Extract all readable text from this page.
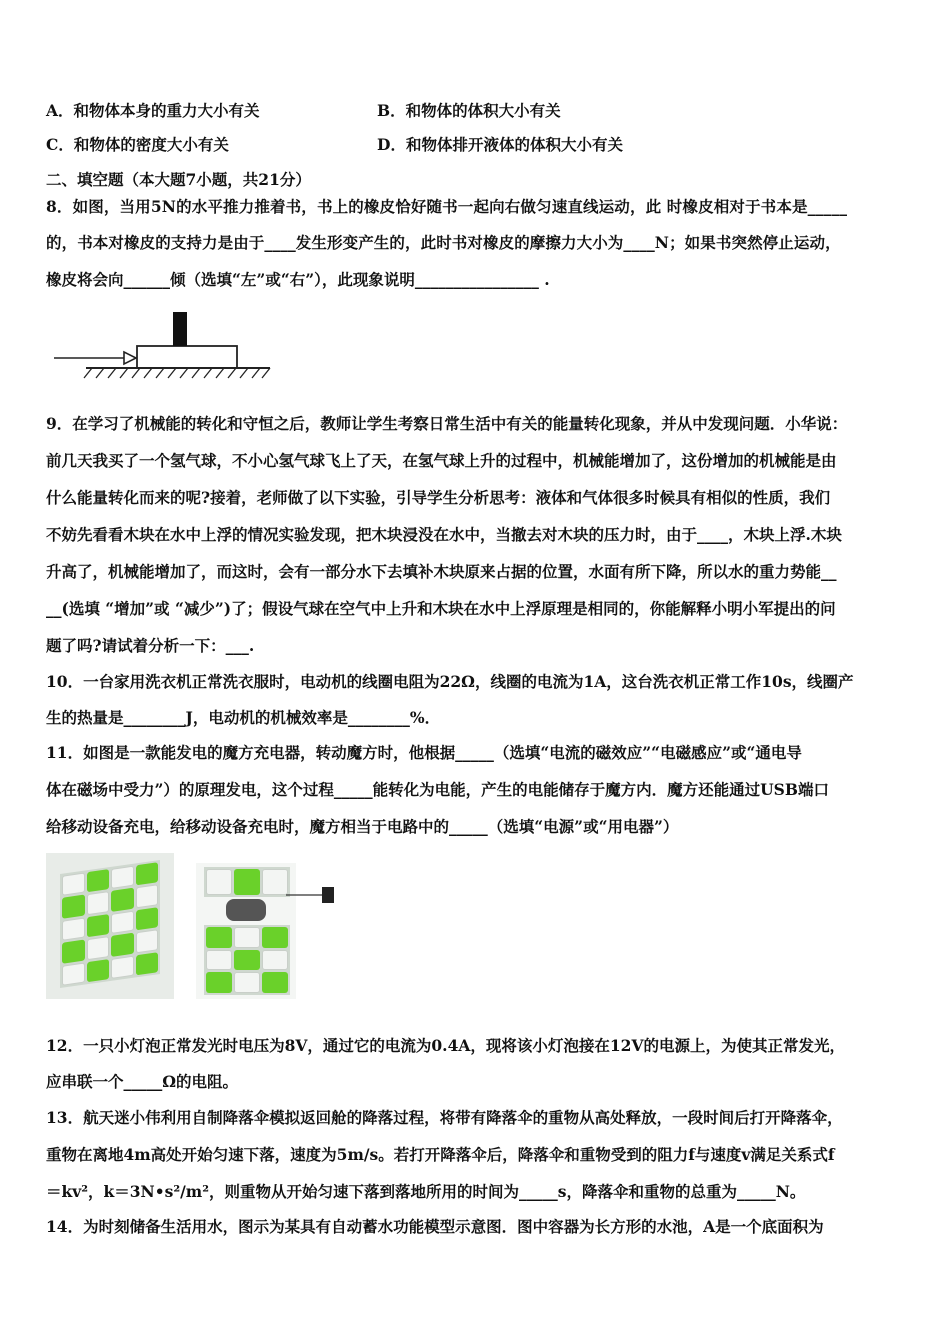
A．和物体本身的重力大小有关	B．和物体的体积大小有关
C．和物体的密度大小有关	D．和物体排开液体的体积大小有关
二、填空题（本大题7小题，共21分）
8．如图，当用5N的水平推力推着书，书上的橡皮恰好随书一起向右做匀速直线运动，此 时橡皮相对于书本是_____
的，书本对橡皮的支持力是由于____发生形变产生的，此时书对橡皮的摩擦力大小为____N；如果书突然停止运动，
橡皮将会向______倾（选填“左”或“右”），此现象说明________________ .
9．在学习了机械能的转化和守恒之后，教师让学生考察日常生活中有关的能量转化现象，并从中发现问题．小华说：
前几天我买了一个氢气球，不小心氢气球飞上了天，在氢气球上升的过程中，机械能增加了，这份增加的机械能是由
什么能量转化而来的呢?接着，老师做了以下实验，引导学生分析思考：液体和气体很多时候具有相似的性质，我们
不妨先看看木块在水中上浮的情况实验发现，把木块浸没在水中，当撤去对木块的压力时，由于____，木块上浮.木块
升高了，机械能增加了，而这时，会有一部分水下去填补木块原来占据的位置，水面有所下降，所以水的重力势能__
__(选填 “增加”或 “减少”)了；假设气球在空气中上升和木块在水中上浮原理是相同的，你能解释小明小军提出的问
题了吗?请试着分析一下：___.
10．一台家用洗衣机正常洗衣服时，电动机的线圈电阻为22Ω，线圈的电流为1A，这台洗衣机正常工作10s，线圈产
生的热量是________J，电动机的机械效率是________%．
11．如图是一款能发电的魔方充电器，转动魔方时，他根据_____（选填“电流的磁效应”“电磁感应”或“通电导
体在磁场中受力”）的原理发电，这个过程_____能转化为电能，产生的电能储存于魔方内．魔方还能通过USB端口
给移动设备充电，给移动设备充电时，魔方相当于电路中的_____（选填“电源”或“用电器”）
12．一只小灯泡正常发光时电压为8V，通过它的电流为0.4A，现将该小灯泡接在12V的电源上，为使其正常发光，
应串联一个_____Ω的电阻。
13．航天迷小伟利用自制降落伞模拟返回舱的降落过程，将带有降落伞的重物从高处释放，一段时间后打开降落伞，
重物在离地4m高处开始匀速下落，速度为5m/s。若打开降落伞后，降落伞和重物受到的阻力f与速度v满足关系式f
＝kv²，k＝3N•s²/m²，则重物从开始匀速下落到落地所用的时间为_____s，降落伞和重物的总重为_____N。
14．为时刻储备生活用水，图示为某具有自动蓄水功能模型示意图．图中容器为长方形的水池，A是一个底面积为
